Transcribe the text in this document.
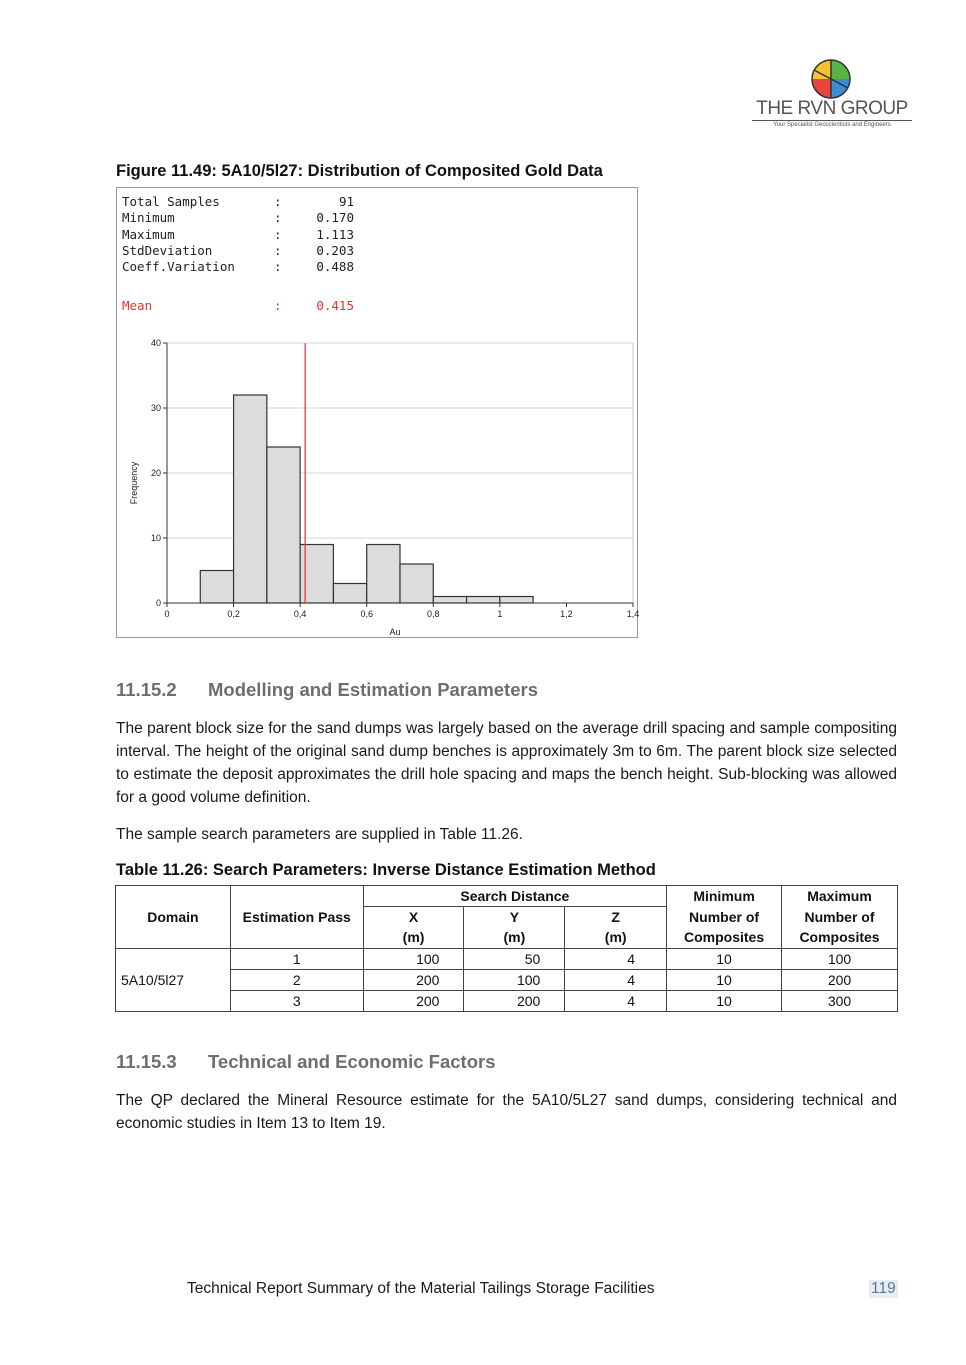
THE RVN GROUP
Your Specialist Geoscientists and Engineers
Figure 11.49: 5A10/5l27: Distribution of Composited Gold Data
Total Samples	:	91
Minimum	:	0.170
Maximum	:	1.113
StdDeviation	:	0.203
Coeff.Variation	:	0.488
Mean	:	0.415
0
10
20
30
40
0	0,2	0,4	0,6	0,8	1	1,2	1,4
Au
Frequency
11.15.2 Modelling and Estimation Parameters
The parent block size for the sand dumps was largely based on the average drill spacing and sample compositing interval. The height of the original sand dump benches is approximately 3m to 6m. The parent block size selected to estimate the deposit approximates the drill hole spacing and maps the bench height. Sub-blocking was allowed for a good volume definition.
The sample search parameters are supplied in Table 11.26.
Table 11.26: Search Parameters: Inverse Distance Estimation Method
Domain	Estimation Pass	Search Distance			Minimum Number of Composites	Maximum Number of Composites
		X	Y	Z		
		(m)	(m)	(m)		
5A10/5l27	1	100	50	4	10	100
	2	200	100	4	10	200
	3	200	200	4	10	300
11.15.3 Technical and Economic Factors
The QP declared the Mineral Resource estimate for the 5A10/5L27 sand dumps, considering technical and economic studies in Item 13 to Item 19.
Technical Report Summary of the Material Tailings Storage Facilities	119
